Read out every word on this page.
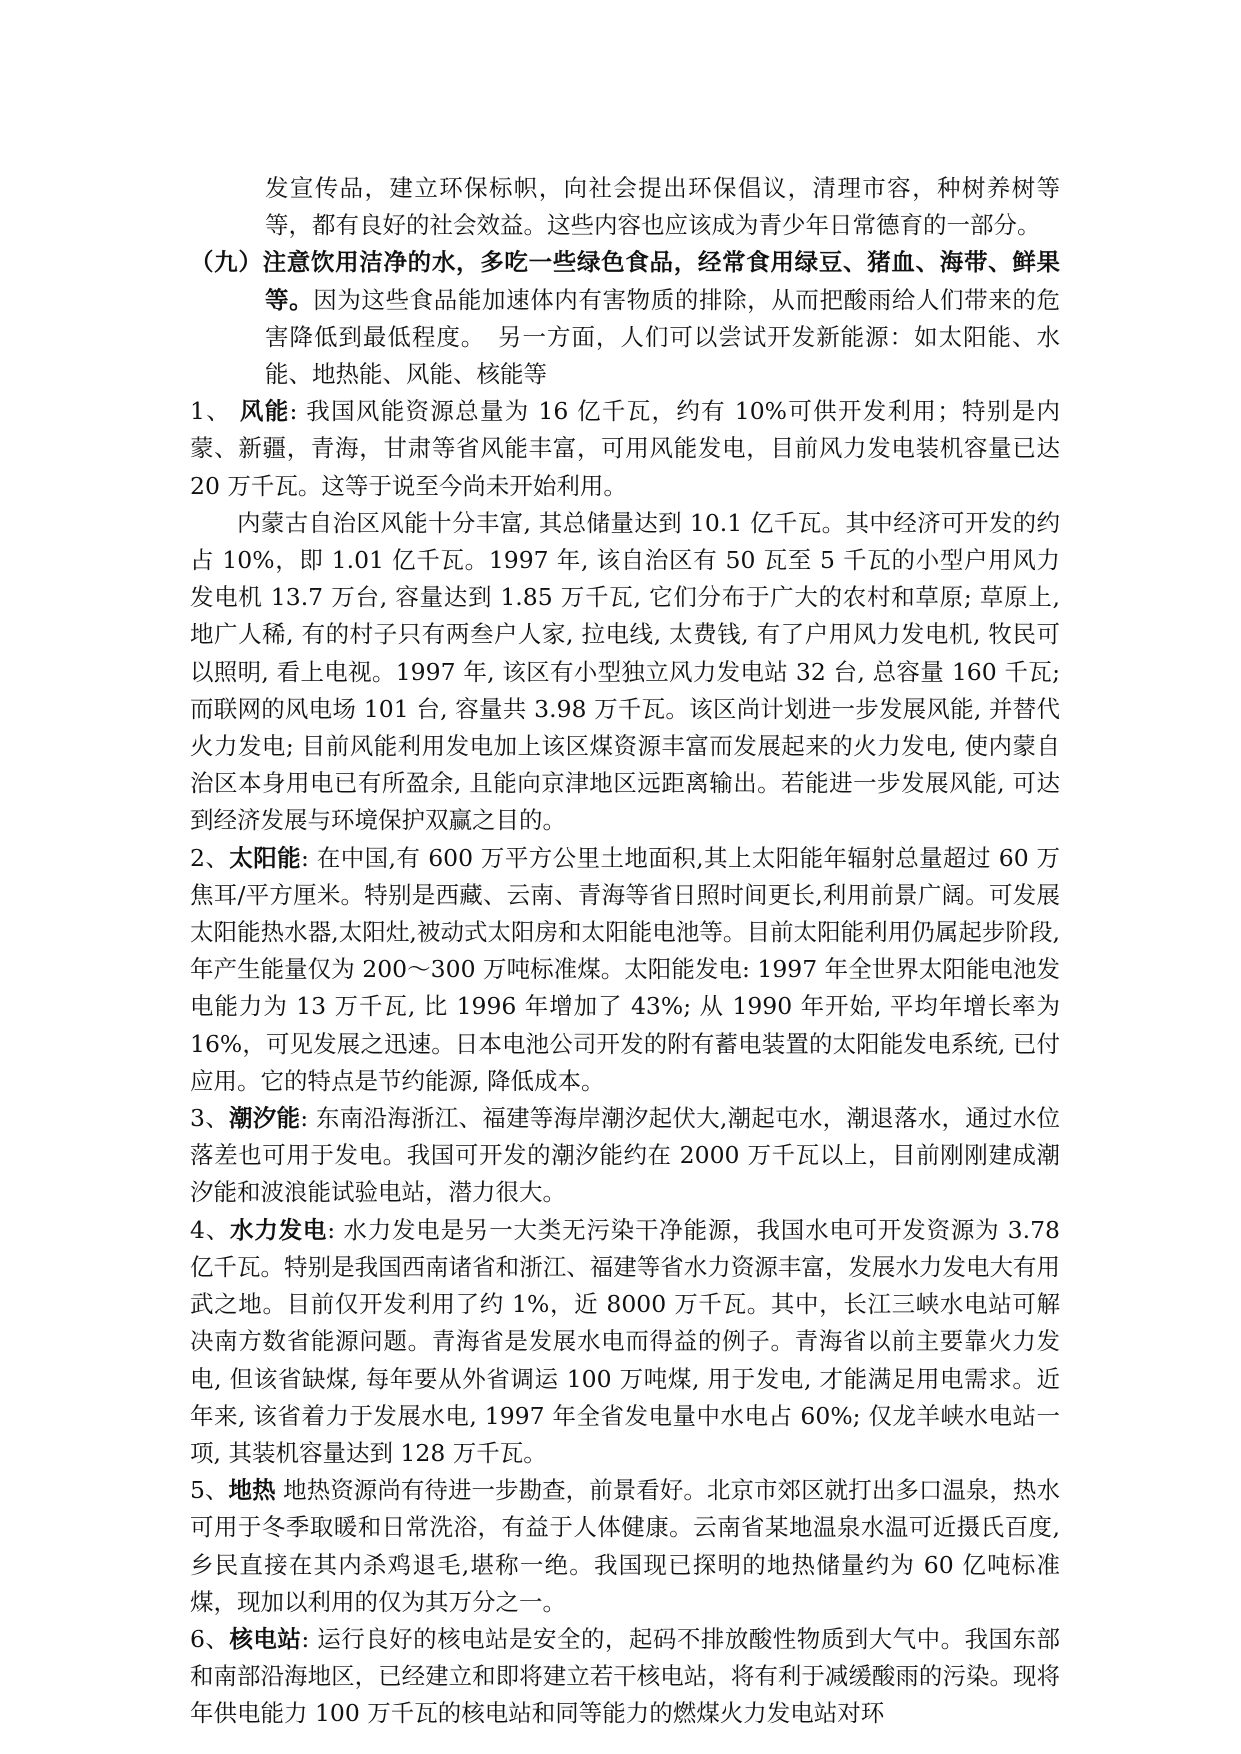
发宣传品，建立环保标帜，向社会提出环保倡议，清理市容，种树养树等等，都有良好的社会效益。这些内容也应该成为青少年日常德育的一部分。

（九）注意饮用洁净的水，多吃一些绿色食品，经常食用绿豆、猪血、海带、鲜果等。因为这些食品能加速体内有害物质的排除，从而把酸雨给人们带来的危害降低到最低程度。　另一方面，人们可以尝试开发新能源：如太阳能、水能、地热能、风能、核能等

1、 风能: 我国风能资源总量为 16 亿千瓦，约有 10%可供开发利用；特别是内蒙、新疆，青海，甘肃等省风能丰富，可用风能发电，目前风力发电装机容量已达 20 万千瓦。这等于说至今尚未开始利用。

内蒙古自治区风能十分丰富, 其总储量达到 10.1 亿千瓦。其中经济可开发的约占 10%，即 1.01 亿千瓦。1997 年, 该自治区有 50 瓦至 5 千瓦的小型户用风力发电机 13.7 万台, 容量达到 1.85 万千瓦, 它们分布于广大的农村和草原; 草原上, 地广人稀, 有的村子只有两叁户人家, 拉电线, 太费钱, 有了户用风力发电机, 牧民可以照明, 看上电视。1997 年, 该区有小型独立风力发电站 32 台, 总容量 160 千瓦; 而联网的风电场 101 台, 容量共 3.98 万千瓦。该区尚计划进一步发展风能, 并替代火力发电; 目前风能利用发电加上该区煤资源丰富而发展起来的火力发电, 使内蒙自治区本身用电已有所盈余, 且能向京津地区远距离输出。若能进一步发展风能, 可达到经济发展与环境保护双赢之目的。

2、太阳能: 在中国,有 600 万平方公里土地面积,其上太阳能年辐射总量超过 60 万焦耳/平方厘米。特别是西藏、云南、青海等省日照时间更长,利用前景广阔。可发展太阳能热水器,太阳灶,被动式太阳房和太阳能电池等。目前太阳能利用仍属起步阶段,年产生能量仅为 200～300 万吨标准煤。太阳能发电: 1997 年全世界太阳能电池发电能力为 13 万千瓦, 比 1996 年增加了 43%; 从 1990 年开始, 平均年增长率为 16%，可见发展之迅速。日本电池公司开发的附有蓄电装置的太阳能发电系统, 已付应用。它的特点是节约能源, 降低成本。

3、潮汐能: 东南沿海浙江、福建等海岸潮汐起伏大,潮起屯水，潮退落水，通过水位落差也可用于发电。我国可开发的潮汐能约在 2000 万千瓦以上，目前刚刚建成潮汐能和波浪能试验电站，潜力很大。

4、水力发电: 水力发电是另一大类无污染干净能源，我国水电可开发资源为 3.78 亿千瓦。特别是我国西南诸省和浙江、福建等省水力资源丰富，发展水力发电大有用武之地。目前仅开发利用了约 1%，近 8000 万千瓦。其中，长江三峡水电站可解决南方数省能源问题。青海省是发展水电而得益的例子。青海省以前主要靠火力发电, 但该省缺煤, 每年要从外省调运 100 万吨煤, 用于发电, 才能满足用电需求。近年来, 该省着力于发展水电, 1997 年全省发电量中水电占 60%; 仅龙羊峡水电站一项, 其装机容量达到 128 万千瓦。

5、地热 地热资源尚有待进一步勘查，前景看好。北京市郊区就打出多口温泉，热水可用于冬季取暖和日常洗浴，有益于人体健康。云南省某地温泉水温可近摄氏百度, 乡民直接在其内杀鸡退毛,堪称一绝。我国现已探明的地热储量约为 60 亿吨标准煤，现加以利用的仅为其万分之一。

6、核电站: 运行良好的核电站是安全的，起码不排放酸性物质到大气中。我国东部和南部沿海地区，已经建立和即将建立若干核电站，将有利于减缓酸雨的污染。现将年供电能力 100 万千瓦的核电站和同等能力的燃煤火力发电站对环
